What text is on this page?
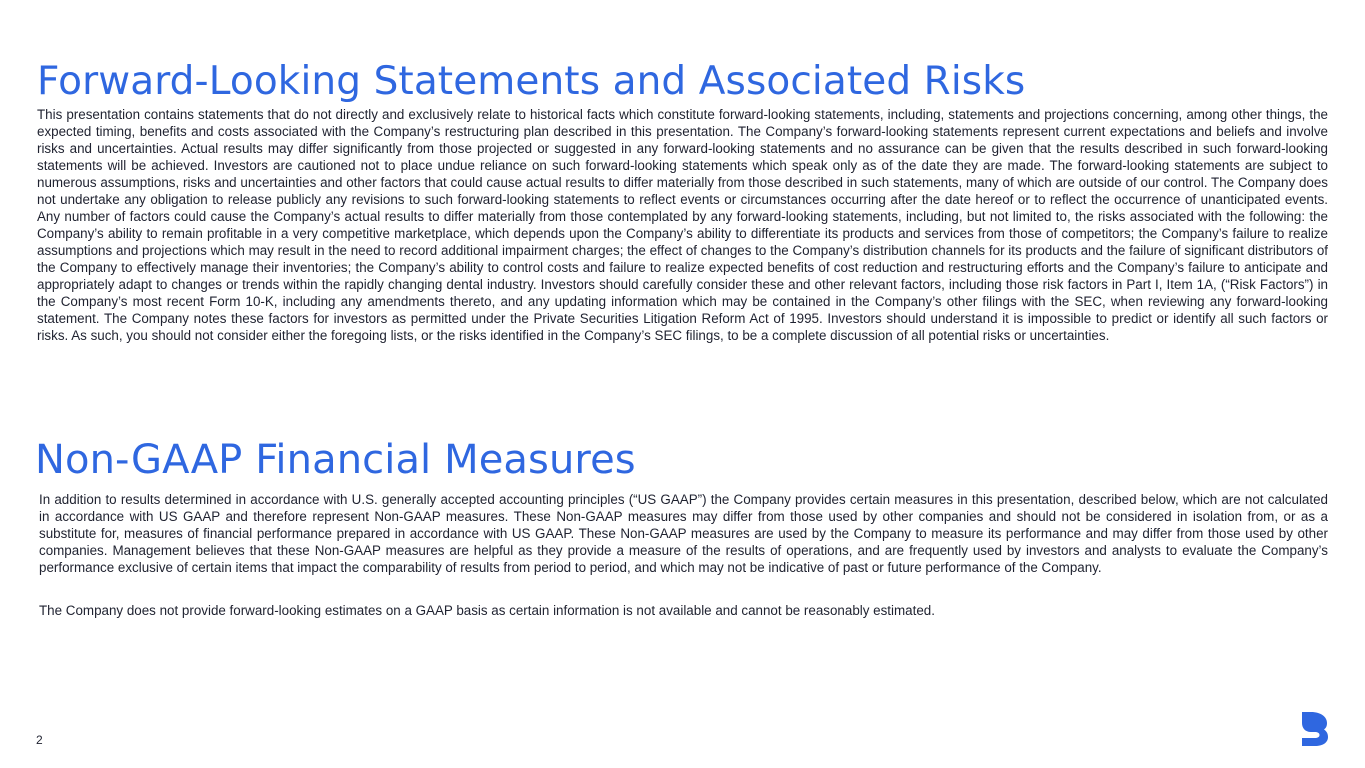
Forward-Looking Statements and Associated Risks

This presentation contains statements that do not directly and exclusively relate to historical facts which constitute forward-looking statements, including, statements and projections concerning, among other things, the expected timing, benefits and costs associated with the Company’s restructuring plan described in this presentation. The Company’s forward-looking statements represent current expectations and beliefs and involve risks and uncertainties. Actual results may differ significantly from those projected or suggested in any forward-looking statements and no assurance can be given that the results described in such forward-looking statements will be achieved. Investors are cautioned not to place undue reliance on such forward-looking statements which speak only as of the date they are made. The forward-looking statements are subject to numerous assumptions, risks and uncertainties and other factors that could cause actual results to differ materially from those described in such statements, many of which are outside of our control. The Company does not undertake any obligation to release publicly any revisions to such forward-looking statements to reflect events or circumstances occurring after the date hereof or to reflect the occurrence of unanticipated events. Any number of factors could cause the Company’s actual results to differ materially from those contemplated by any forward-looking statements, including, but not limited to, the risks associated with the following: the Company’s ability to remain profitable in a very competitive marketplace, which depends upon the Company’s ability to differentiate its products and services from those of competitors; the Company’s failure to realize assumptions and projections which may result in the need to record additional impairment charges; the effect of changes to the Company’s distribution channels for its products and the failure of significant distributors of the Company to effectively manage their inventories; the Company’s ability to control costs and failure to realize expected benefits of cost reduction and restructuring efforts and the Company’s failure to anticipate and appropriately adapt to changes or trends within the rapidly changing dental industry. Investors should carefully consider these and other relevant factors, including those risk factors in Part I, Item 1A, (“Risk Factors”) in the Company’s most recent Form 10-K, including any amendments thereto, and any updating information which may be contained in the Company’s other filings with the SEC, when reviewing any forward-looking statement. The Company notes these factors for investors as permitted under the Private Securities Litigation Reform Act of 1995. Investors should understand it is impossible to predict or identify all such factors or risks. As such, you should not consider either the foregoing lists, or the risks identified in the Company’s SEC filings, to be a complete discussion of all potential risks or uncertainties.

Non-GAAP Financial Measures

In addition to results determined in accordance with U.S. generally accepted accounting principles (“US GAAP”) the Company provides certain measures in this presentation, described below, which are not calculated in accordance with US GAAP and therefore represent Non-GAAP measures. These Non-GAAP measures may differ from those used by other companies and should not be considered in isolation from, or as a substitute for, measures of financial performance prepared in accordance with US GAAP. These Non-GAAP measures are used by the Company to measure its performance and may differ from those used by other companies. Management believes that these Non-GAAP measures are helpful as they provide a measure of the results of operations, and are frequently used by investors and analysts to evaluate the Company’s performance exclusive of certain items that impact the comparability of results from period to period, and which may not be indicative of past or future performance of the Company.

The Company does not provide forward-looking estimates on a GAAP basis as certain information is not available and cannot be reasonably estimated.

2
